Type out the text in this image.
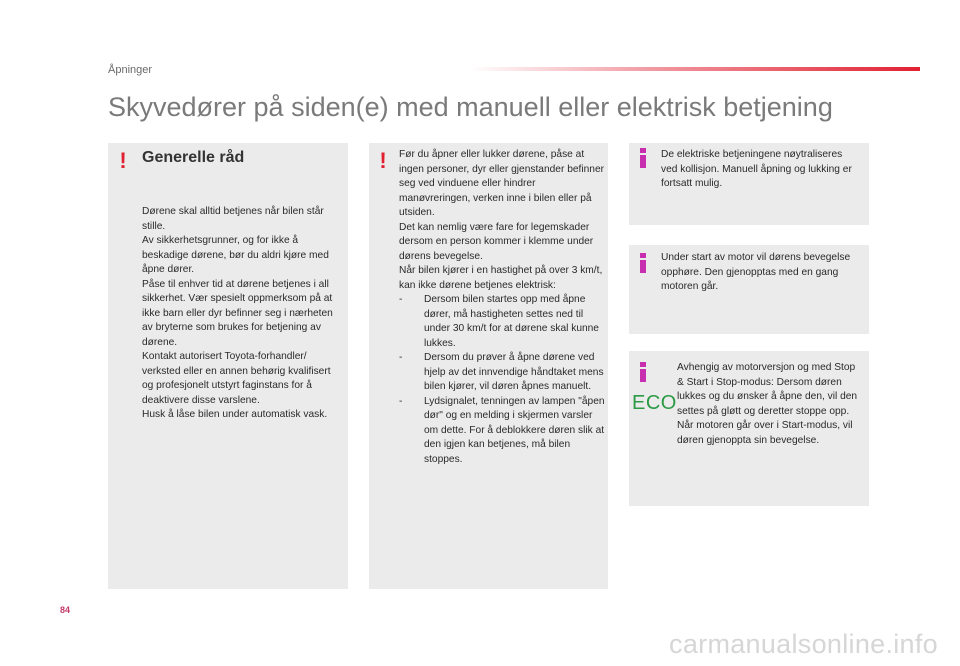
Åpninger
Skyvedører på siden(e) med manuell eller elektrisk betjening
! Generelle råd

Dørene skal alltid betjenes når bilen står stille.

Av sikkerhetsgrunner, og for ikke å beskadige dørene, bør du aldri kjøre med åpne dører.

Påse til enhver tid at dørene betjenes i all sikkerhet. Vær spesielt oppmerksom på at ikke barn eller dyr befinner seg i nærheten av bryterne som brukes for betjening av dørene.

Kontakt autorisert Toyota-forhandler/ verksted eller en annen behørig kvalifisert og profesjonelt utstyrt faginstans for å deaktivere disse varslene.

Husk å låse bilen under automatisk vask.

! Før du åpner eller lukker dørene, påse at ingen personer, dyr eller gjenstander befinner seg ved vinduene eller hindrer manøvreringen, verken inne i bilen eller på utsiden.

Det kan nemlig være fare for legemskader dersom en person kommer i klemme under dørens bevegelse.

Når bilen kjører i en hastighet på over 3 km/t, kan ikke dørene betjenes elektrisk:

- Dersom bilen startes opp med åpne dører, må hastigheten settes ned til under 30 km/t for at dørene skal kunne lukkes.
- Dersom du prøver å åpne dørene ved hjelp av det innvendige håndtaket mens bilen kjører, vil døren åpnes manuelt.
- Lydsignalet, tenningen av lampen "åpen dør" og en melding i skjermen varsler om dette. For å deblokkere døren slik at den igjen kan betjenes, må bilen stoppes.
De elektriske betjeningene nøytraliseres ved kollisjon. Manuell åpning og lukking er fortsatt mulig.
Under start av motor vil dørens bevegelse opphøre. Den gjenopptas med en gang motoren går.
ECO
Avhengig av motorversjon og med Stop & Start i Stop-modus: Dersom døren lukkes og du ønsker å åpne den, vil den settes på gløtt og deretter stoppe opp. Når motoren går over i Start-modus, vil døren gjenoppta sin bevegelse.
84
carmanualsonline.info
